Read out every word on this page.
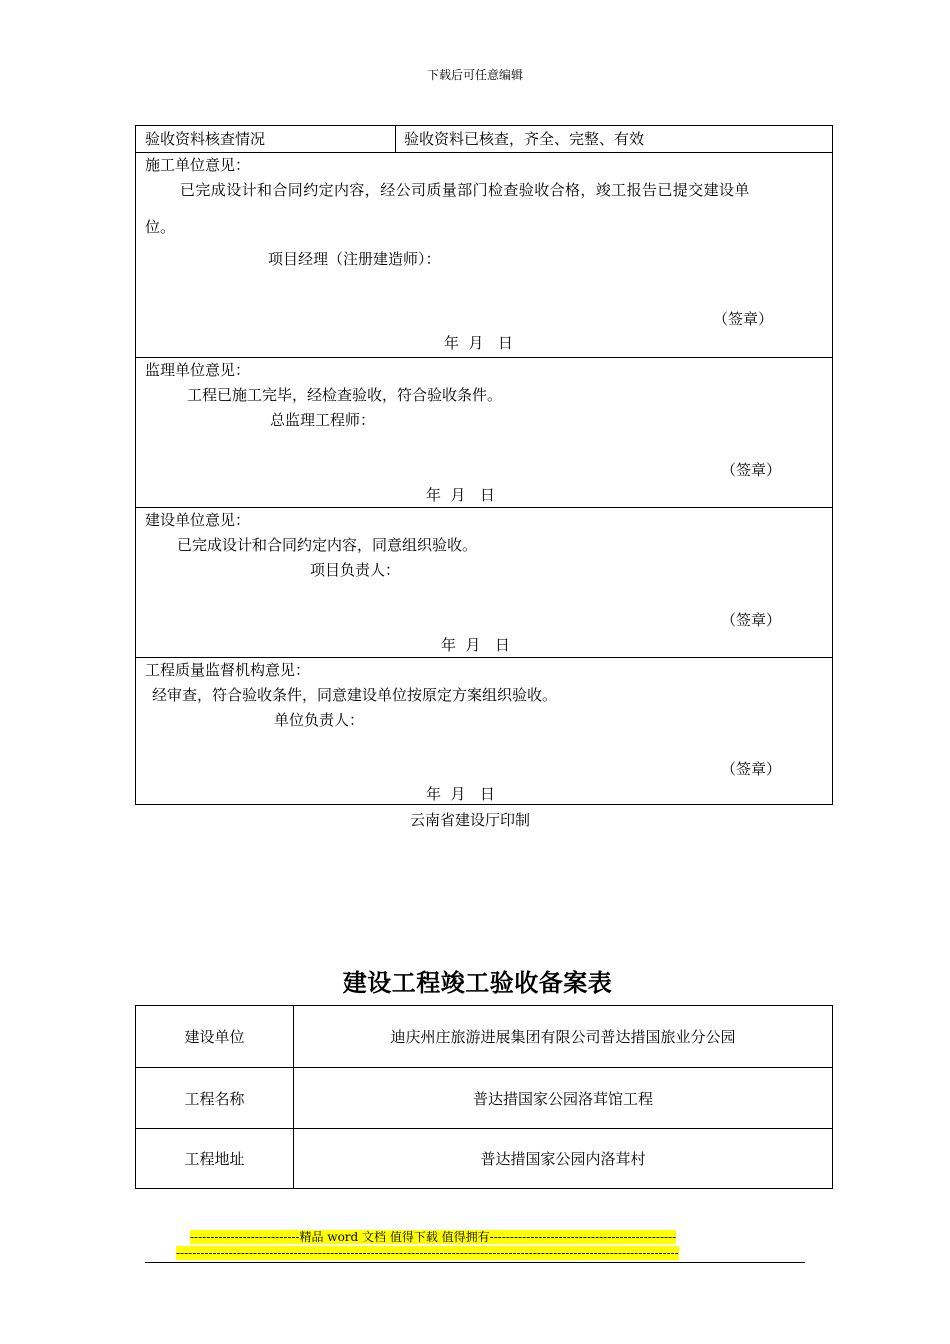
下载后可任意编辑
验收资料核查情况	验收资料已核查，齐全、完整、有效
施工单位意见：
已完成设计和合同约定内容，经公司质量部门检查验收合格，竣工报告已提交建设单
位。
项目经理（注册建造师）：
（签章）
年  月   日
监理单位意见：
工程已施工完毕，经检查验收，符合验收条件。
总监理工程师：
（签章）
年  月   日
建设单位意见：
已完成设计和合同约定内容，同意组织验收。
项目负责人：
（签章）
年  月   日
工程质量监督机构意见：
经审查，符合验收条件，同意建设单位按原定方案组织验收。
单位负责人：
（签章）
年  月   日
云南省建设厅印制
建设工程竣工验收备案表
建设单位	迪庆州庄旅游进展集团有限公司普达措国旅业分公园
工程名称	普达措国家公园洛茸馆工程
工程地址	普达措国家公园内洛茸村
---------------------------精品 word 文档 值得下载 值得拥有----------------------------------------------
----------------------------------------------------------------------------------------------------------------------------
